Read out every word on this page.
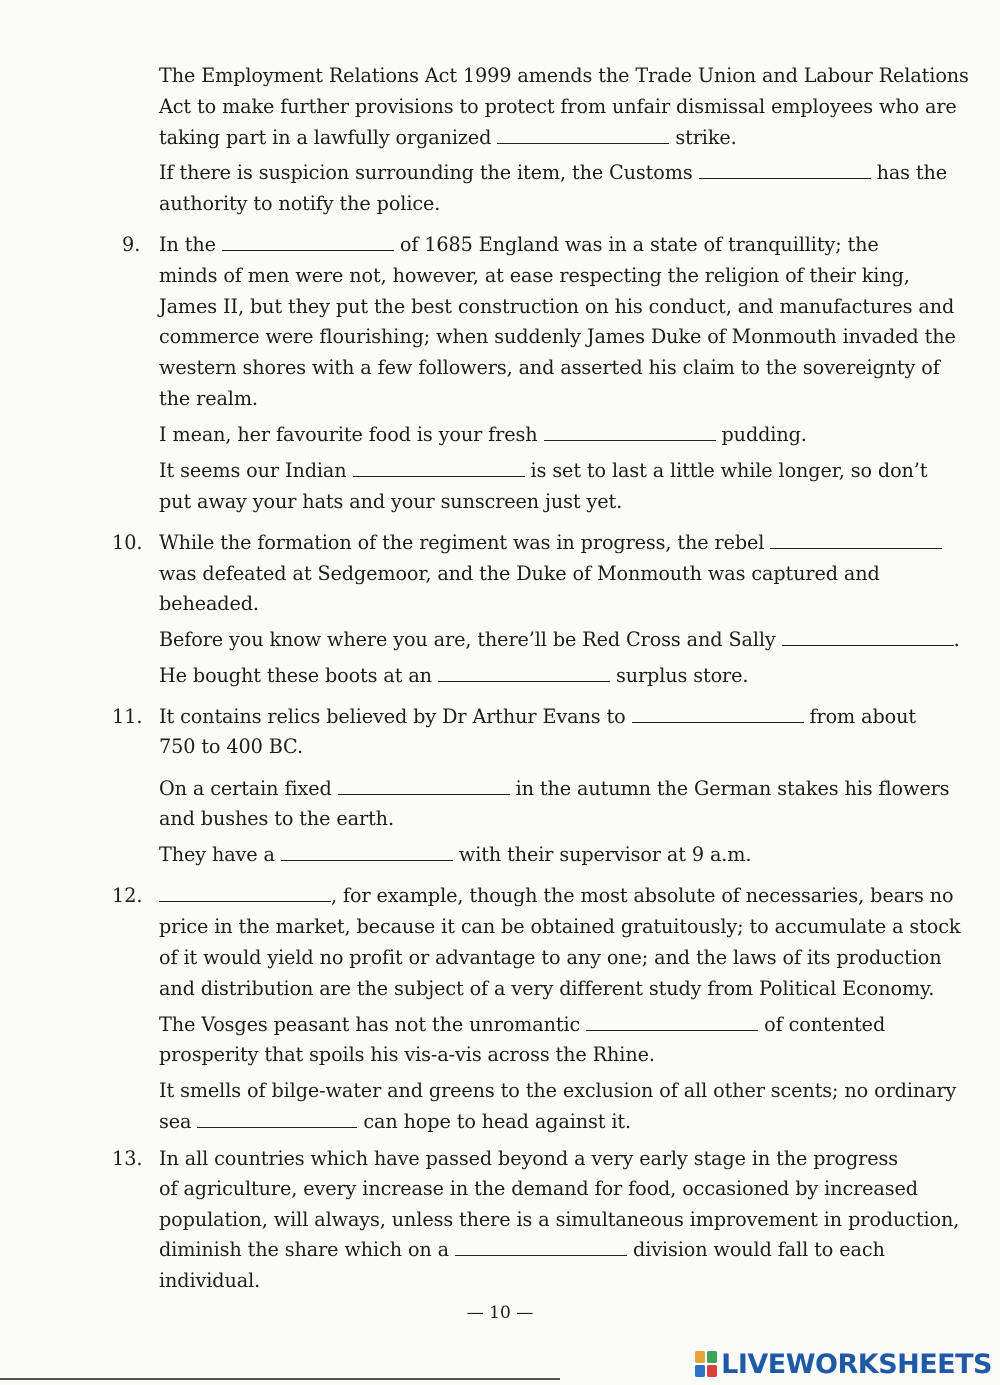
The Employment Relations Act 1999 amends the Trade Union and Labour Relations
Act to make further provisions to protect from unfair dismissal employees who are
taking part in a lawfully organized	strike.
If there is suspicion surrounding the item, the Customs	has the
authority to notify the police.
9. In the	of 1685 England was in a state of tranquillity; the
minds of men were not, however, at ease respecting the religion of their king,
James II, but they put the best construction on his conduct, and manufactures and
commerce were flourishing; when suddenly James Duke of Monmouth invaded the
western shores with a few followers, and asserted his claim to the sovereignty of
the realm.
I mean, her favourite food is your fresh	pudding.
It seems our Indian	is set to last a little while longer, so don’t
put away your hats and your sunscreen just yet.
10. While the formation of the regiment was in progress, the rebel
was defeated at Sedgemoor, and the Duke of Monmouth was captured and
beheaded.
Before you know where you are, there’ll be Red Cross and Sally	.
He bought these boots at an	surplus store.
11. It contains relics believed by Dr Arthur Evans to	from about
750 to 400 BC.
On a certain fixed	in the autumn the German stakes his flowers
and bushes to the earth.
They have a	with their supervisor at 9 a.m.
12.	, for example, though the most absolute of necessaries, bears no
price in the market, because it can be obtained gratuitously; to accumulate a stock
of it would yield no profit or advantage to any one; and the laws of its production
and distribution are the subject of a very different study from Political Economy.
The Vosges peasant has not the unromantic	of contented
prosperity that spoils his vis-a-vis across the Rhine.
It smells of bilge-water and greens to the exclusion of all other scents; no ordinary
sea	can hope to head against it.
13. In all countries which have passed beyond a very early stage in the progress
of agriculture, every increase in the demand for food, occasioned by increased
population, will always, unless there is a simultaneous improvement in production,
diminish the share which on a	division would fall to each
individual.
— 10 —
LIVEWORKSHEETS
